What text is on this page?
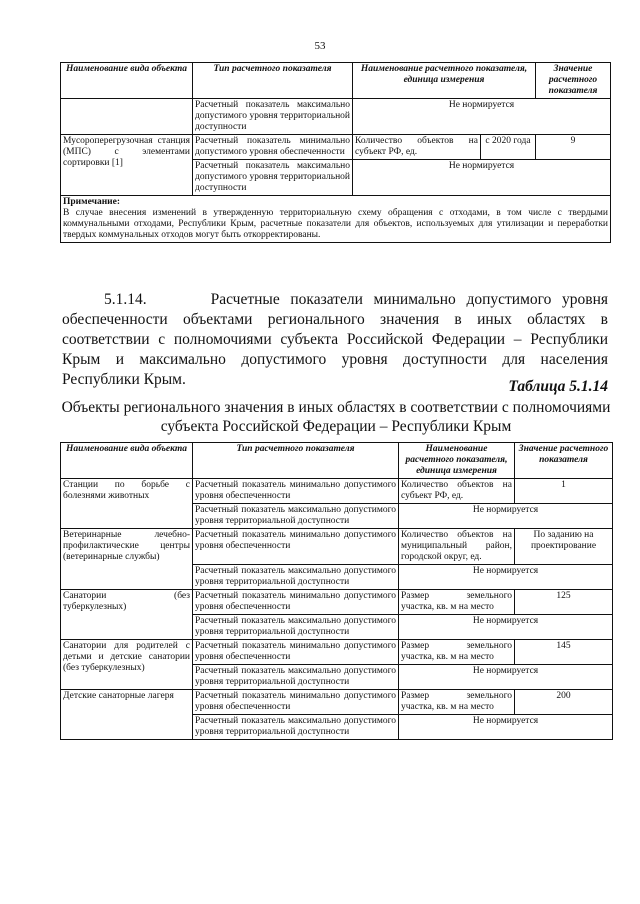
53
Наименование вида объекта	Тип расчетного показателя	Наименование расчетного показателя, единица измерения		Значение расчетного показателя
	Расчетный показатель максимально допустимого уровня территориальной доступности	Не нормируется		
Мусороперегрузочная станция (МПС) с элементами сортировки [1]	Расчетный показатель минимально допустимого уровня обеспеченности	Количество объектов на субъект РФ, ед.	с 2020 года	9
	Расчетный показатель максимально допустимого уровня территориальной доступности	Не нормируется		
Примечание:
В случае внесения изменений в утвержденную территориальную схему обращения с отходами, в том числе с твердыми коммунальными отходами, Республики Крым, расчетные показатели для объектов, используемых для утилизации и переработки твердых коммунальных отходов могут быть откорректированы.				

5.1.14.	Расчетные показатели минимально допустимого уровня обеспеченности объектами регионального значения в иных областях в соответствии с полномочиями субъекта Российской Федерации – Республики Крым и максимально допустимого уровня доступности для населения Республики Крым.	Таблица 5.1.14
Объекты регионального значения в иных областях в соответствии с полномочиями субъекта Российской Федерации – Республики Крым
Наименование вида объекта	Тип расчетного показателя	Наименование расчетного показателя, единица измерения	Значение расчетного показателя
Станции по борьбе с болезнями животных	Расчетный показатель минимально допустимого уровня обеспеченности	Количество объектов на субъект РФ, ед.	1
	Расчетный показатель максимально допустимого уровня территориальной доступности	Не нормируется	
Ветеринарные лечебно-профилактические центры (ветеринарные службы)	Расчетный показатель минимально допустимого уровня обеспеченности	Количество объектов на муниципальный район, городской округ, ед.	По заданию на проектирование
	Расчетный показатель максимально допустимого уровня территориальной доступности	Не нормируется	
Санатории (без туберкулезных)	Расчетный показатель минимально допустимого уровня обеспеченности	Размер земельного участка, кв. м на место	125
	Расчетный показатель максимально допустимого уровня территориальной доступности	Не нормируется	
Санатории для родителей с детьми и детские санатории (без туберкулезных)	Расчетный показатель минимально допустимого уровня обеспеченности	Размер земельного участка, кв. м на место	145
	Расчетный показатель максимально допустимого уровня территориальной доступности	Не нормируется	
Детские санаторные лагеря	Расчетный показатель минимально допустимого уровня обеспеченности	Размер земельного участка, кв. м на место	200
	Расчетный показатель максимально допустимого уровня территориальной доступности	Не нормируется	
